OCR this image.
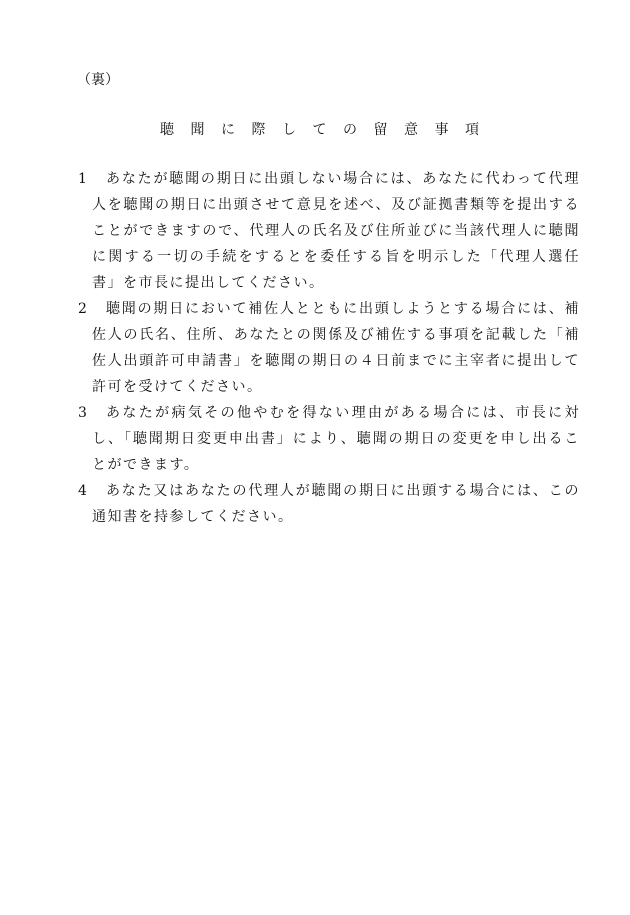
（裏）
聴聞に際しての留意事項
1	あなたが聴聞の期日に出頭しない場合には、あなたに代わって代理人を聴聞の期日に出頭させて意見を述べ、及び証拠書類等を提出することができますので、代理人の氏名及び住所並びに当該代理人に聴聞に関する一切の手続をするとを委任する旨を明示した「代理人選任書」を市長に提出してください。
2	聴聞の期日において補佐人とともに出頭しようとする場合には、補佐人の氏名、住所、あなたとの関係及び補佐する事項を記載した「補佐人出頭許可申請書」を聴聞の期日の４日前までに主宰者に提出して許可を受けてください。
3	あなたが病気その他やむを得ない理由がある場合には、市長に対し、「聴聞期日変更申出書」により、聴聞の期日の変更を申し出ることができます。
4	あなた又はあなたの代理人が聴聞の期日に出頭する場合には、この通知書を持参してください。
